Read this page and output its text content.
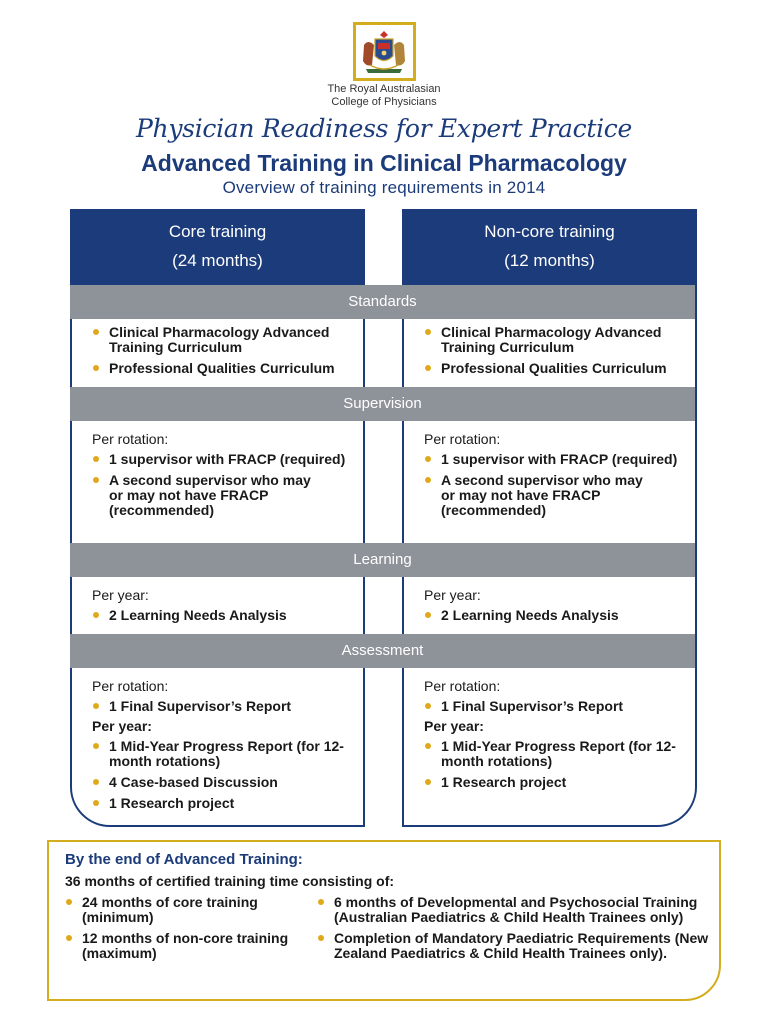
The Royal Australasian
College of Physicians
Physician Readiness for Expert Practice
Advanced Training in Clinical Pharmacology
Overview of training requirements in 2014
Core training
(24 months)
Clinical Pharmacology Advanced Training Curriculum
Professional Qualities Curriculum
Per rotation:
1 supervisor with FRACP (required)
A second supervisor who may or may not have FRACP (recommended)
Per year:
2 Learning Needs Analysis
Per rotation:
1 Final Supervisor’s Report
Per year:
1 Mid-Year Progress Report (for 12-month rotations)
4 Case-based Discussion
1 Research project
Non-core training
(12 months)
Clinical Pharmacology Advanced Training Curriculum
Professional Qualities Curriculum
Per rotation:
1 supervisor with FRACP (required)
A second supervisor who may or may not have FRACP (recommended)
Per year:
2 Learning Needs Analysis
Per rotation:
1 Final Supervisor’s Report
Per year:
1 Mid-Year Progress Report (for 12-month rotations)
1 Research project
Standards
Supervision
Learning
Assessment
By the end of Advanced Training:
36 months of certified training time consisting of:
24 months of core training (minimum)
12 months of non-core training (maximum)
6 months of Developmental and Psychosocial Training (Australian Paediatrics & Child Health Trainees only)
Completion of Mandatory Paediatric Requirements (New Zealand Paediatrics & Child Health Trainees only).
